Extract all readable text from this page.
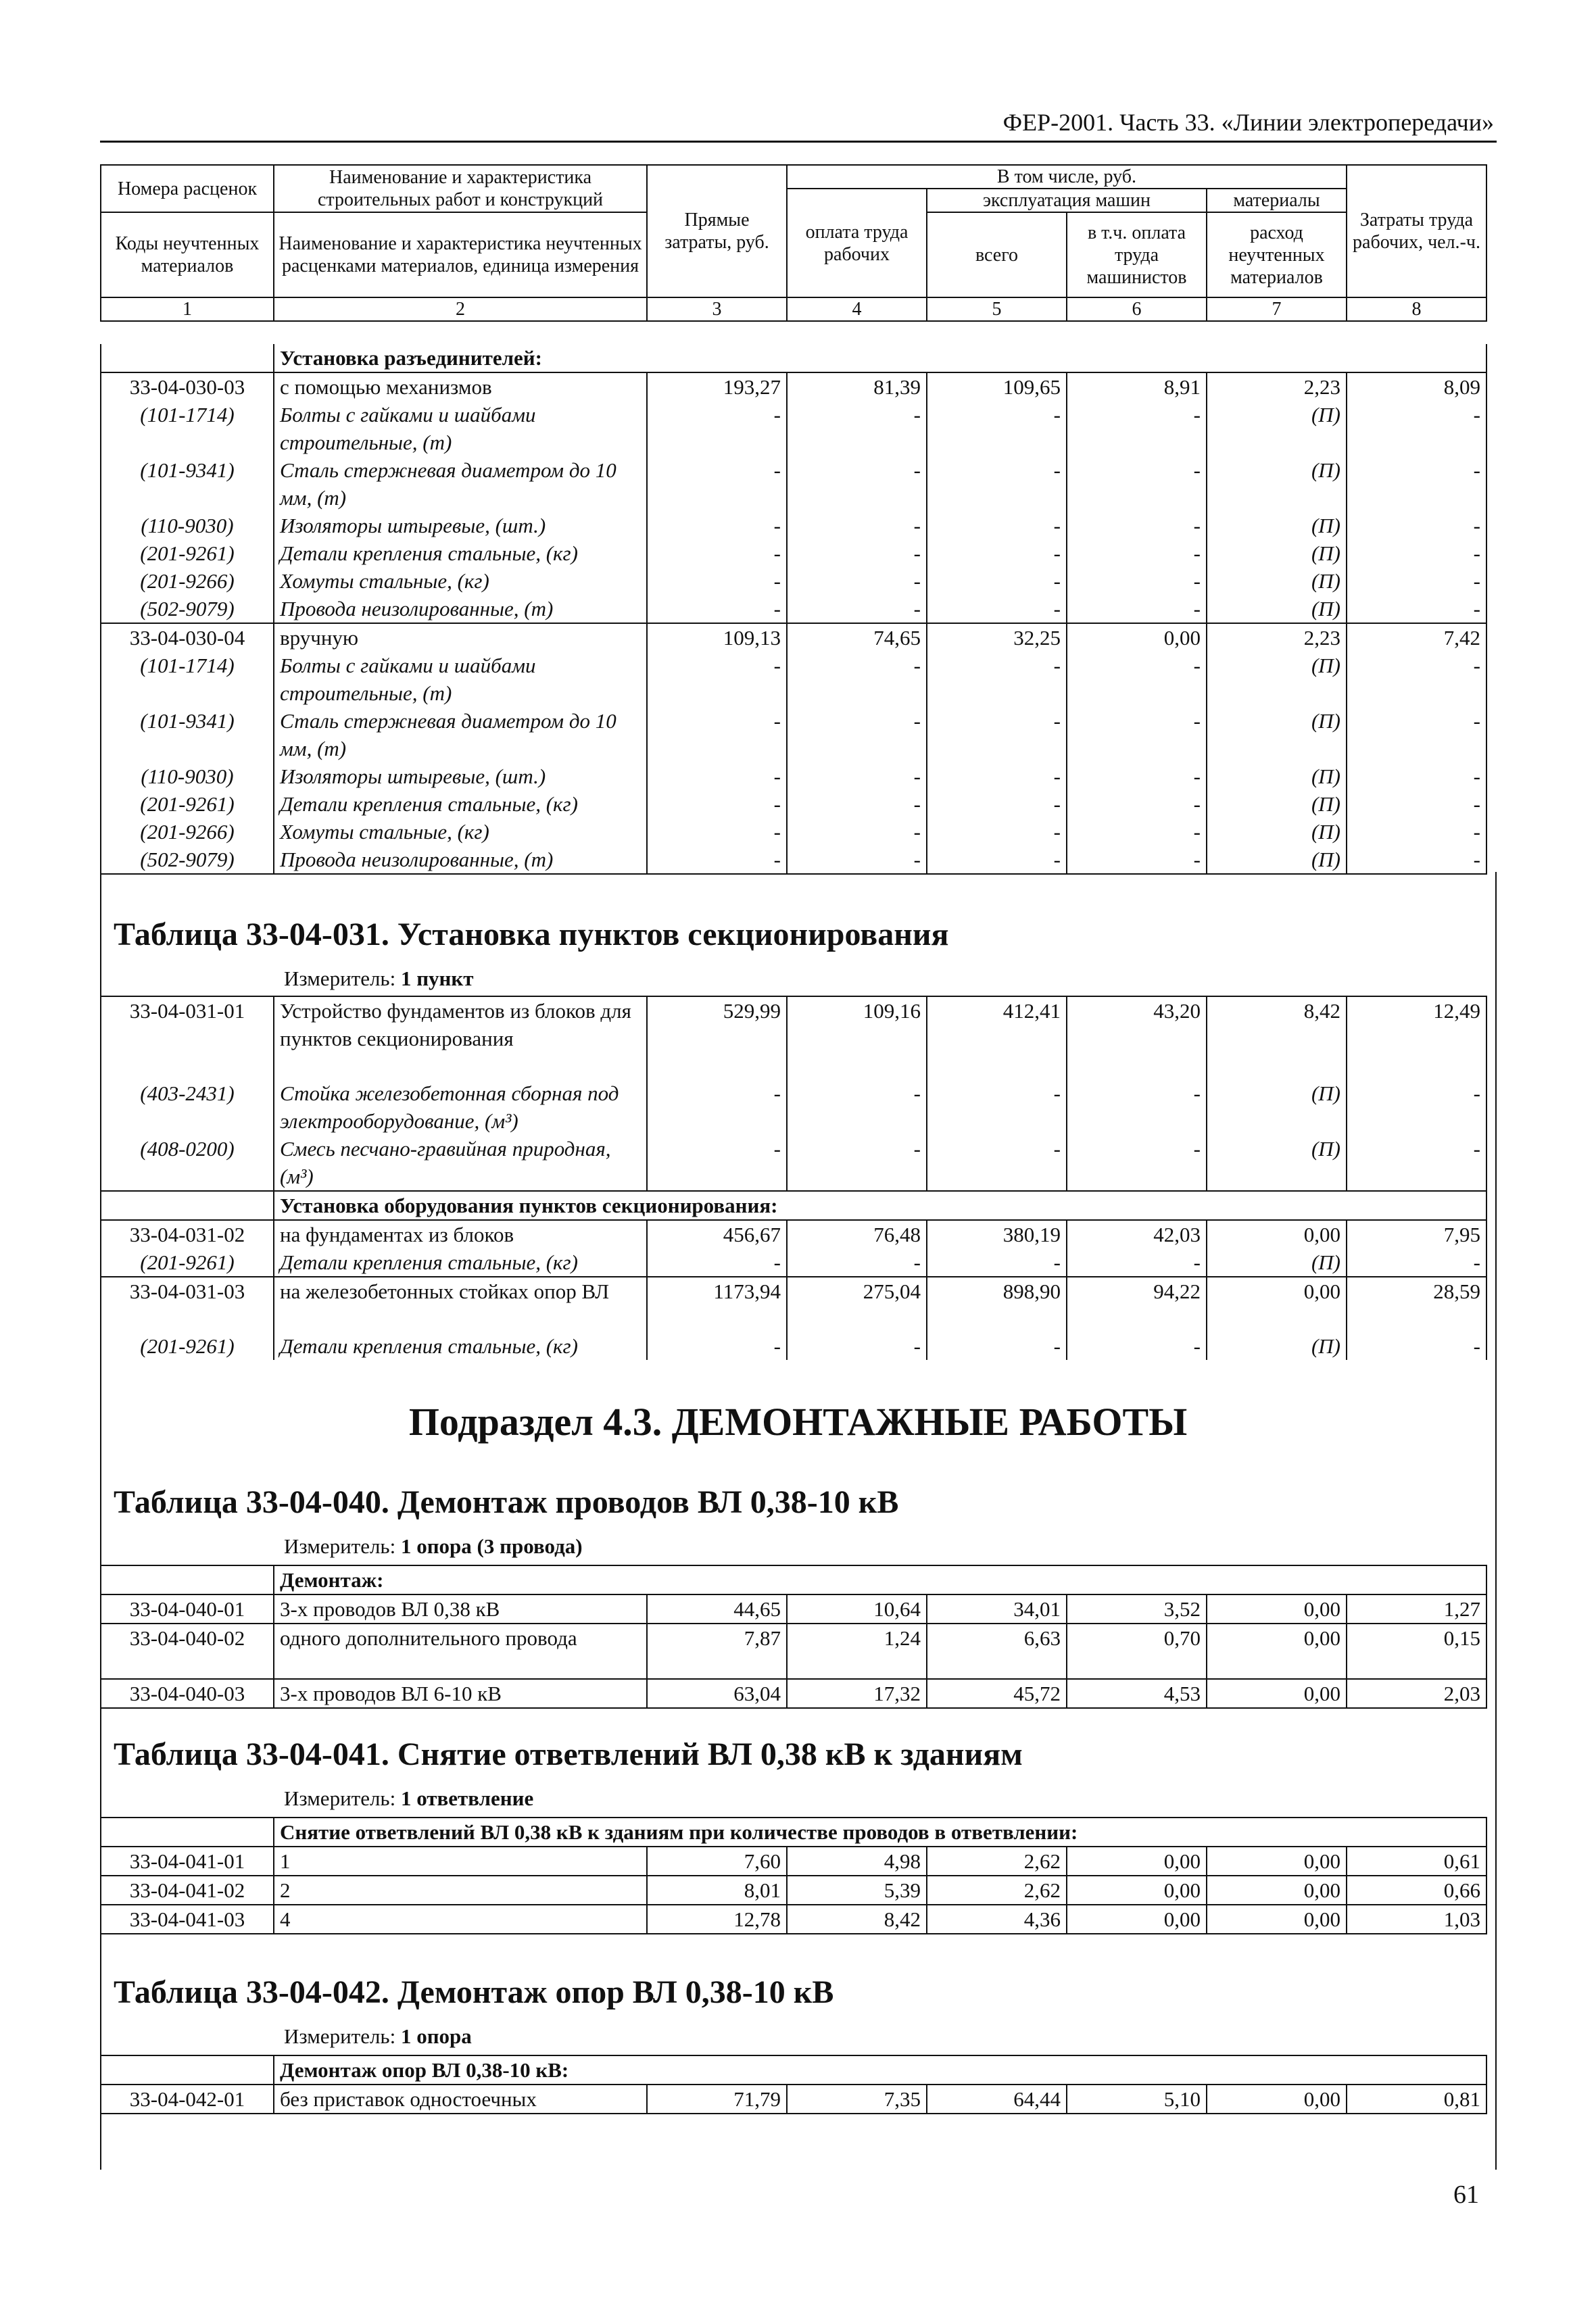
ФЕР-2001. Часть 33. «Линии электропередачи»
Номера расценок	Наименование и характеристика строительных работ и конструкций	Прямые затраты, руб.	В том числе, руб.				Затраты труда рабочих, чел.-ч.
			оплата труда рабочих	эксплуатация машин		материалы	
Коды неучтенных материалов	Наименование и характеристика неучтенных расценками материалов, единица измерения			всего	в т.ч. оплата труда машинистов	расход неучтенных материалов	
1	2	3	4	5	6	7	8
	Установка разъединителей:						
33-04-030-03	с помощью механизмов	193,27	81,39	109,65	8,91	2,23	8,09
(101-1714)	Болты с гайками и шайбами строительные, (т)	-	-	-	-	(П)	-
(101-9341)	Сталь стержневая диаметром до 10 мм, (т)	-	-	-	-	(П)	-
(110-9030)	Изоляторы штыревые, (шт.)	-	-	-	-	(П)	-
(201-9261)	Детали крепления стальные, (кг)	-	-	-	-	(П)	-
(201-9266)	Хомуты стальные, (кг)	-	-	-	-	(П)	-
(502-9079)	Провода неизолированные, (т)	-	-	-	-	(П)	-
33-04-030-04	вручную	109,13	74,65	32,25	0,00	2,23	7,42
(101-1714)	Болты с гайками и шайбами строительные, (т)	-	-	-	-	(П)	-
(101-9341)	Сталь стержневая диаметром до 10 мм, (т)	-	-	-	-	(П)	-
(110-9030)	Изоляторы штыревые, (шт.)	-	-	-	-	(П)	-
(201-9261)	Детали крепления стальные, (кг)	-	-	-	-	(П)	-
(201-9266)	Хомуты стальные, (кг)	-	-	-	-	(П)	-
(502-9079)	Провода неизолированные, (т)	-	-	-	-	(П)	-
Таблица 33-04-031. Установка пунктов секционирования
Измеритель: 1 пункт
33-04-031-01	Устройство фундаментов из блоков для пунктов секционирования	529,99	109,16	412,41	43,20	8,42	12,49
(403-2431)	Стойка железобетонная сборная под электрооборудование, (м³)	-	-	-	-	(П)	-
(408-0200)	Смесь песчано-гравийная природная, (м³)	-	-	-	-	(П)	-
	Установка оборудования пунктов секционирования:						
33-04-031-02	на фундаментах из блоков	456,67	76,48	380,19	42,03	0,00	7,95
(201-9261)	Детали крепления стальные, (кг)	-	-	-	-	(П)	-
33-04-031-03	на железобетонных стойках опор ВЛ	1173,94	275,04	898,90	94,22	0,00	28,59
(201-9261)	Детали крепления стальные, (кг)	-	-	-	-	(П)	-
Подраздел 4.3. ДЕМОНТАЖНЫЕ РАБОТЫ
Таблица 33-04-040. Демонтаж проводов ВЛ 0,38-10 кВ
Измеритель: 1 опора (3 провода)
	Демонтаж:						
33-04-040-01	3-х проводов ВЛ 0,38 кВ	44,65	10,64	34,01	3,52	0,00	1,27
33-04-040-02	одного дополнительного провода	7,87	1,24	6,63	0,70	0,00	0,15
33-04-040-03	3-х проводов ВЛ 6-10 кВ	63,04	17,32	45,72	4,53	0,00	2,03
Таблица 33-04-041. Снятие ответвлений ВЛ 0,38 кВ к зданиям
Измеритель: 1 ответвление
	Снятие ответвлений ВЛ 0,38 кВ к зданиям при количестве проводов в ответвлении:						
33-04-041-01	1	7,60	4,98	2,62	0,00	0,00	0,61
33-04-041-02	2	8,01	5,39	2,62	0,00	0,00	0,66
33-04-041-03	4	12,78	8,42	4,36	0,00	0,00	1,03
Таблица 33-04-042. Демонтаж опор ВЛ 0,38-10 кВ
Измеритель: 1 опора
	Демонтаж опор ВЛ 0,38-10 кВ:						
33-04-042-01	без приставок одностоечных	71,79	7,35	64,44	5,10	0,00	0,81
61
